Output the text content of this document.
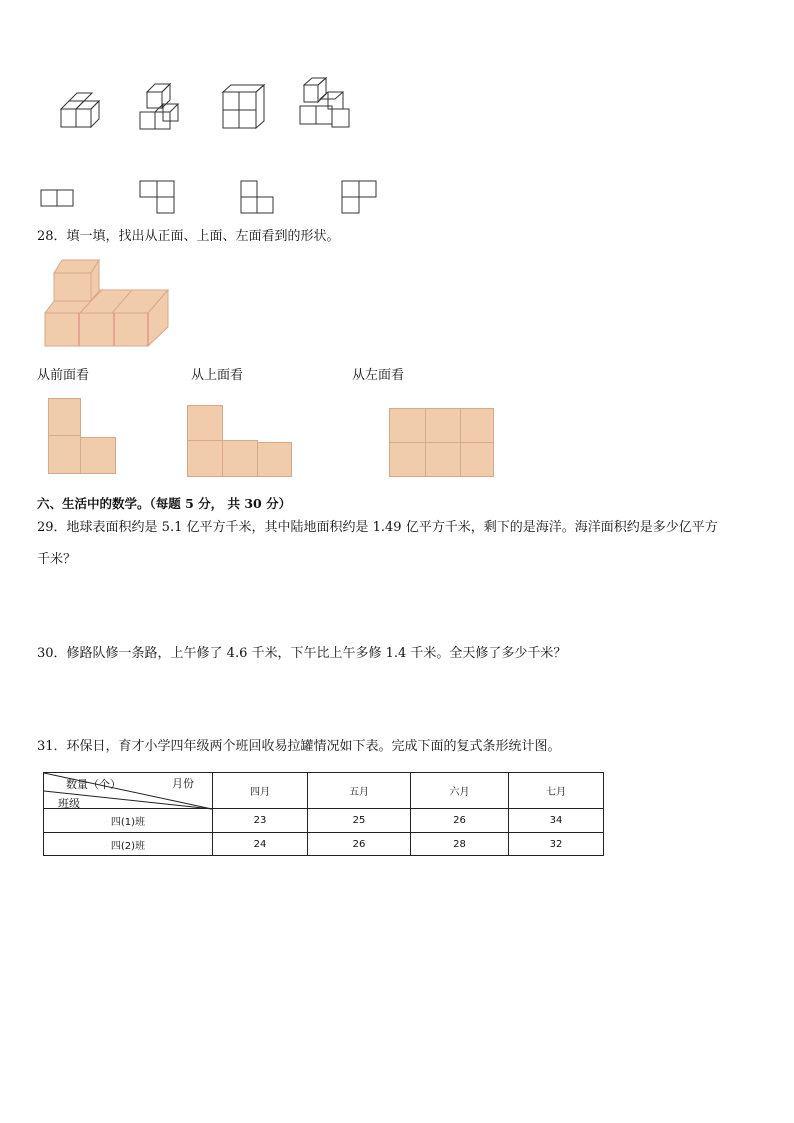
28．填一填，找出从正面、上面、左面看到的形状。
从前面看	从上面看	从左面看
六、生活中的数学。（每题 5 分， 共 30 分）
29．地球表面积约是 5.1 亿平方千米，其中陆地面积约是 1.49 亿平方千米，剩下的是海洋。海洋面积约是多少亿平方
千米？
30．修路队修一条路，上午修了 4.6 千米，下午比上午多修 1.4 千米。全天修了多少千米？
31．环保日，育才小学四年级两个班回收易拉罐情况如下表。完成下面的复式条形统计图。
数量（个） 月份
班级	四月	五月	六月	七月
四(1)班	23	25	26	34
四(2)班	24	26	28	32
